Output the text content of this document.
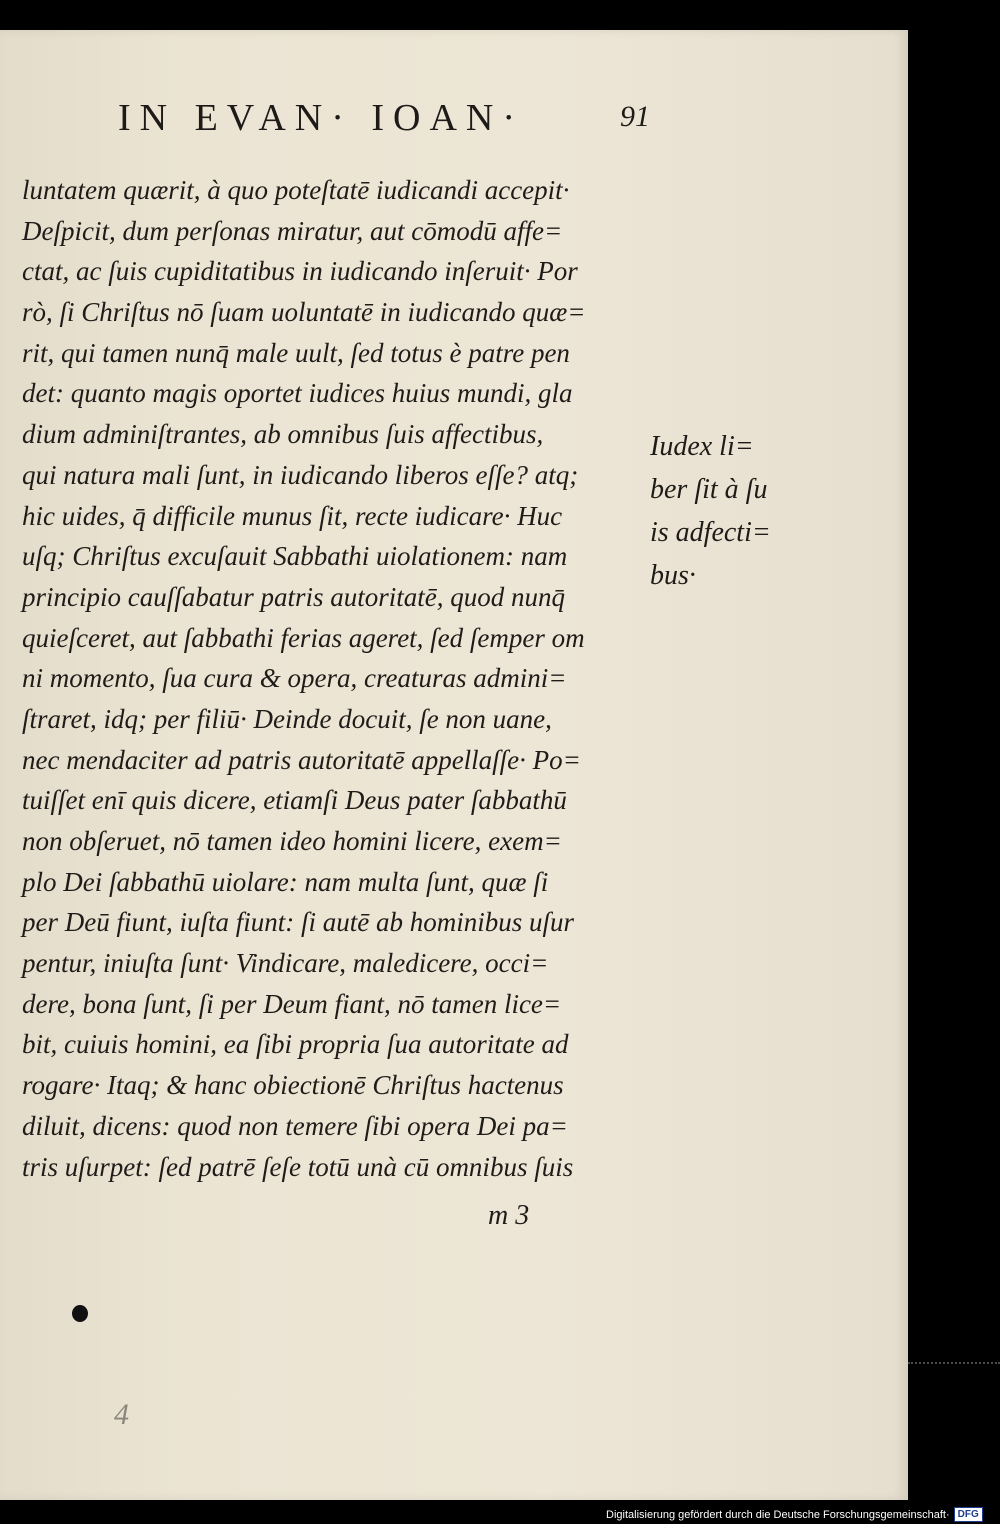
IN EVAN· IOAN·	91
luntatem quærit, à quo poteſtatē iudicandi accepit·
Deſpicit, dum perſonas miratur, aut cōmodū affe=
ctat, ac ſuis cupiditatibus in iudicando inſeruit· Por
rò, ſi Chriſtus nō ſuam uoluntatē in iudicando quæ=
rit, qui tamen nunq̄ male uult, ſed totus è patre pen
det: quanto magis oportet iudices huius mundi, gla
dium adminiſtrantes, ab omnibus ſuis affectibus,
qui natura mali ſunt, in iudicando liberos eſſe? atq;
hic uides, q̄ difficile munus ſit, recte iudicare· Huc
uſq; Chriſtus excuſauit Sabbathi uiolationem: nam
principio cauſſabatur patris autoritatē, quod nunq̄
quieſceret, aut ſabbathi ferias ageret, ſed ſemper om
ni momento, ſua cura & opera, creaturas admini=
ſtraret, idq; per filiū· Deinde docuit, ſe non uane,
nec mendaciter ad patris autoritatē appellaſſe· Po=
tuiſſet enī quis dicere, etiamſi Deus pater ſabbathū
non obſeruet, nō tamen ideo homini licere, exem=
plo Dei ſabbathū uiolare: nam multa ſunt, quæ ſi
per Deū fiunt, iuſta fiunt: ſi autē ab hominibus uſur
pentur, iniuſta ſunt· Vindicare, maledicere, occi=
dere, bona ſunt, ſi per Deum fiant, nō tamen lice=
bit, cuiuis homini, ea ſibi propria ſua autoritate ad
rogare· Itaq; & hanc obiectionē Chriſtus hactenus
diluit, dicens: quod non temere ſibi opera Dei pa=
tris uſurpet: ſed patrē ſeſe totū unà cū omnibus ſuis
Iudex li=
ber ſit à ſu
is adfecti=
bus·
m 3
4
Digitalisierung gefördert durch die Deutsche Forschungsgemeinschaft· DFG
